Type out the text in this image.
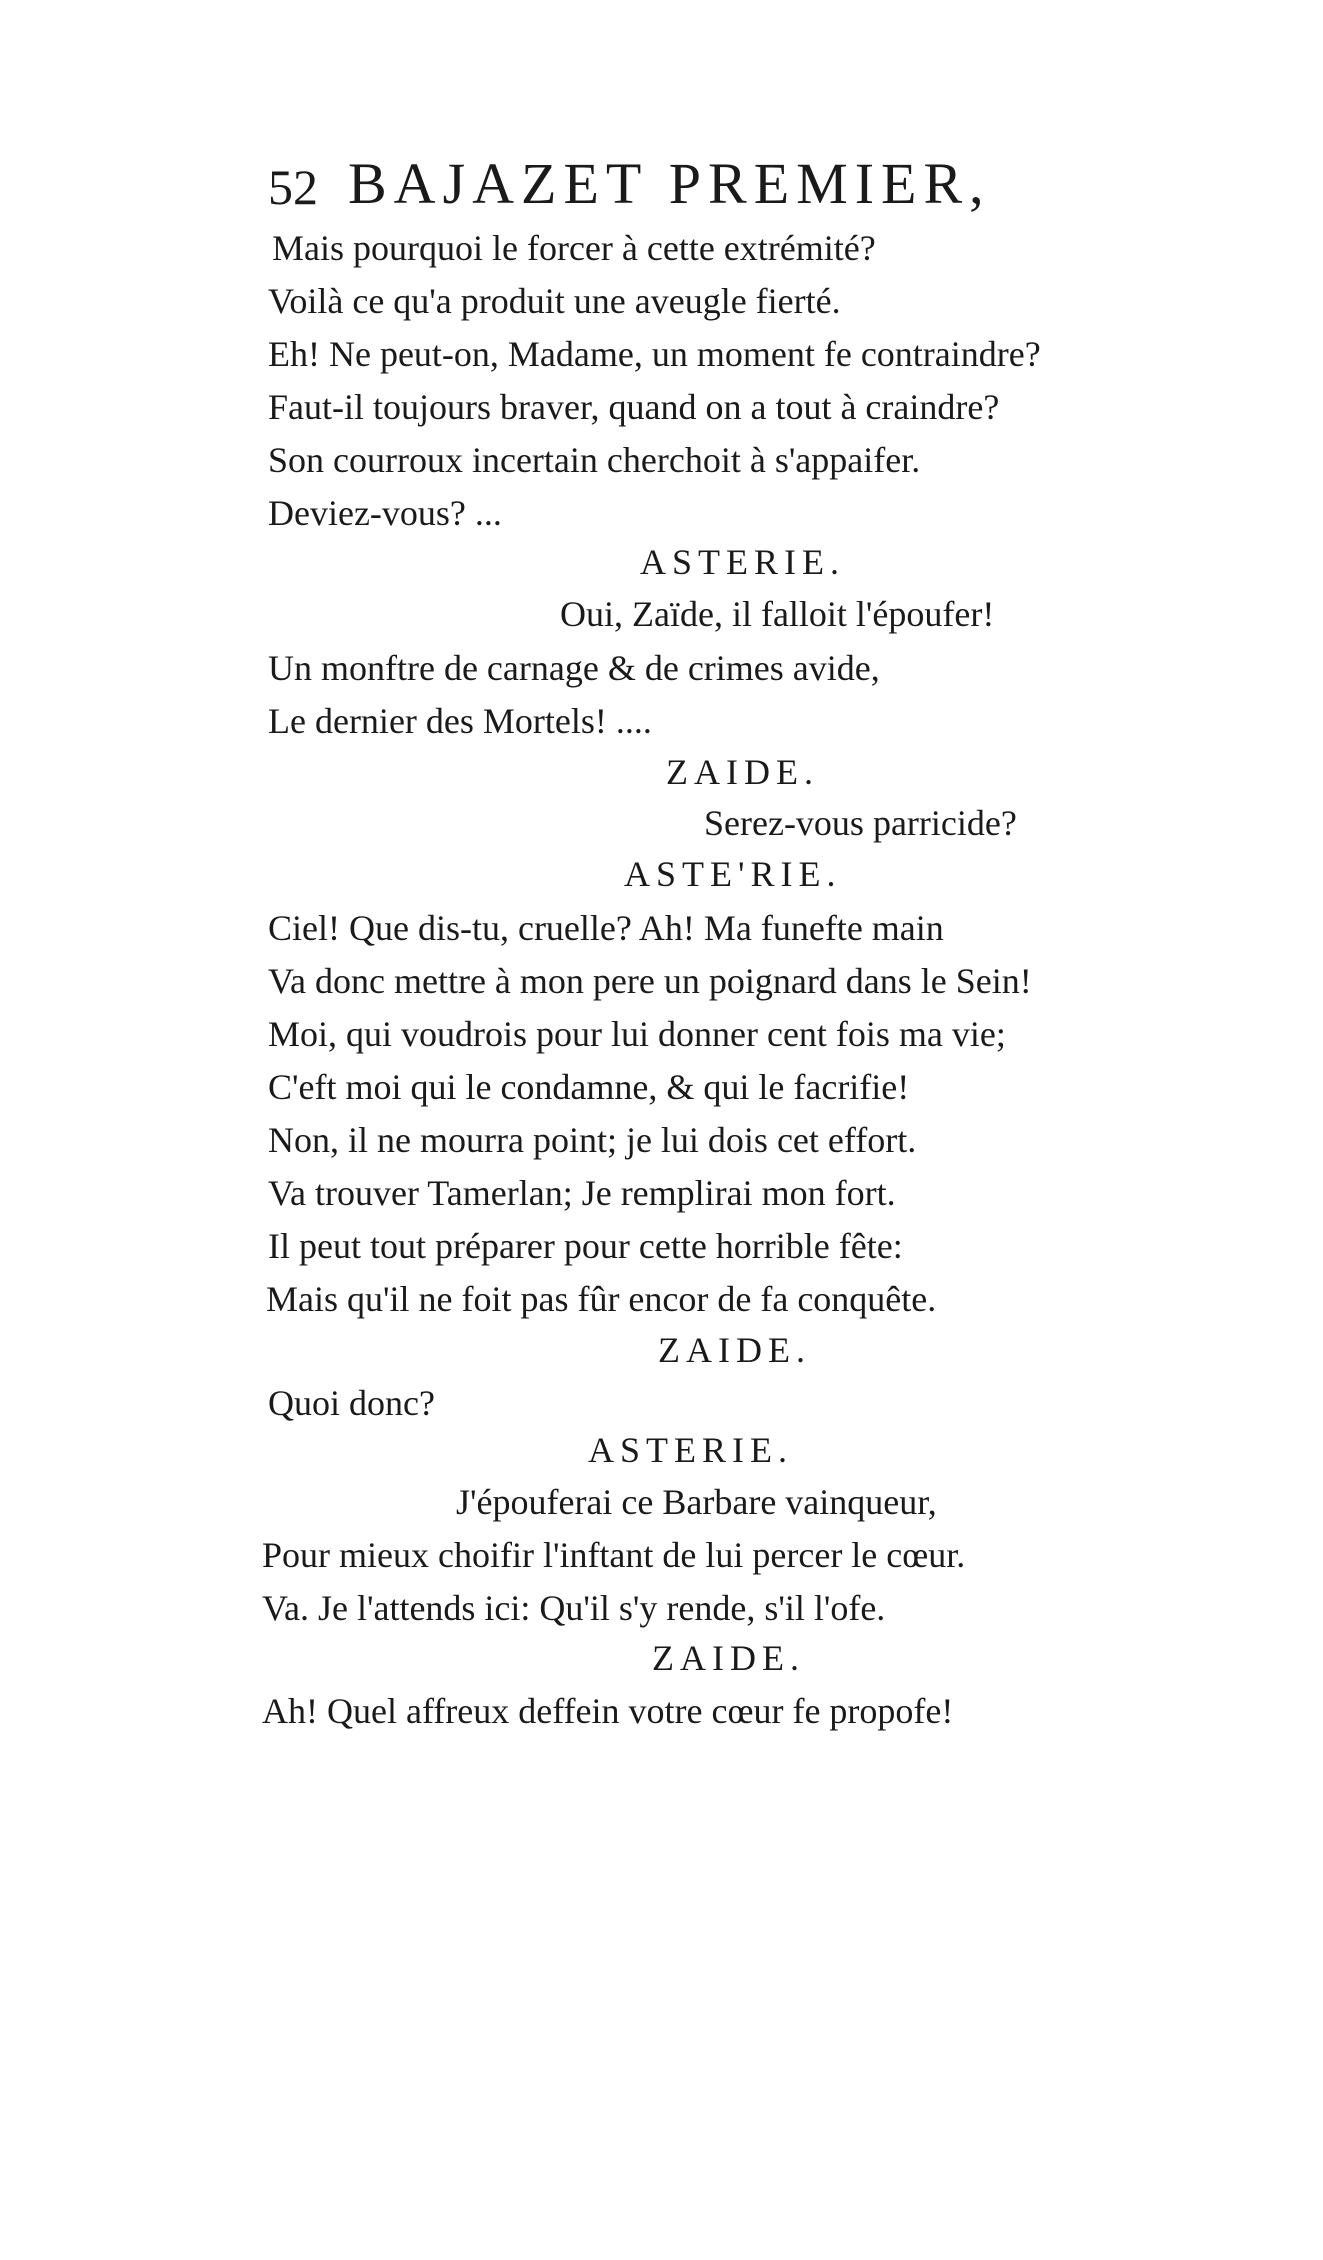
52 BAJAZET PREMIER,
Mais pourquoi le forcer à cette extrémité?
Voilà ce qu'a produit une aveugle fierté.
Eh! Ne peut-on, Madame, un moment fe contraindre?
Faut-il toujours braver, quand on a tout à craindre?
Son courroux incertain cherchoit à s'appaifer.
Deviez-vous? ...
ASTERIE.
Oui, Zaïde, il falloit l'époufer!
Un monftre de carnage & de crimes avide,
Le dernier des Mortels! ....
ZAIDE.
Serez-vous parricide?
ASTE'RIE.
Ciel! Que dis-tu, cruelle? Ah! Ma funefte main
Va donc mettre à mon pere un poignard dans le Sein!
Moi, qui voudrois pour lui donner cent fois ma vie;
C'eft moi qui le condamne, & qui le facrifie!
Non, il ne mourra point; je lui dois cet effort.
Va trouver Tamerlan; Je remplirai mon fort.
Il peut tout préparer pour cette horrible fête:
Mais qu'il ne foit pas fûr encor de fa conquête.
ZAIDE.
Quoi donc?
ASTERIE.
J'épouferai ce Barbare vainqueur,
Pour mieux choifir l'inftant de lui percer le cœur.
Va. Je l'attends ici: Qu'il s'y rende, s'il l'ofe.
ZAIDE.
Ah! Quel affreux deffein votre cœur fe propofe!
